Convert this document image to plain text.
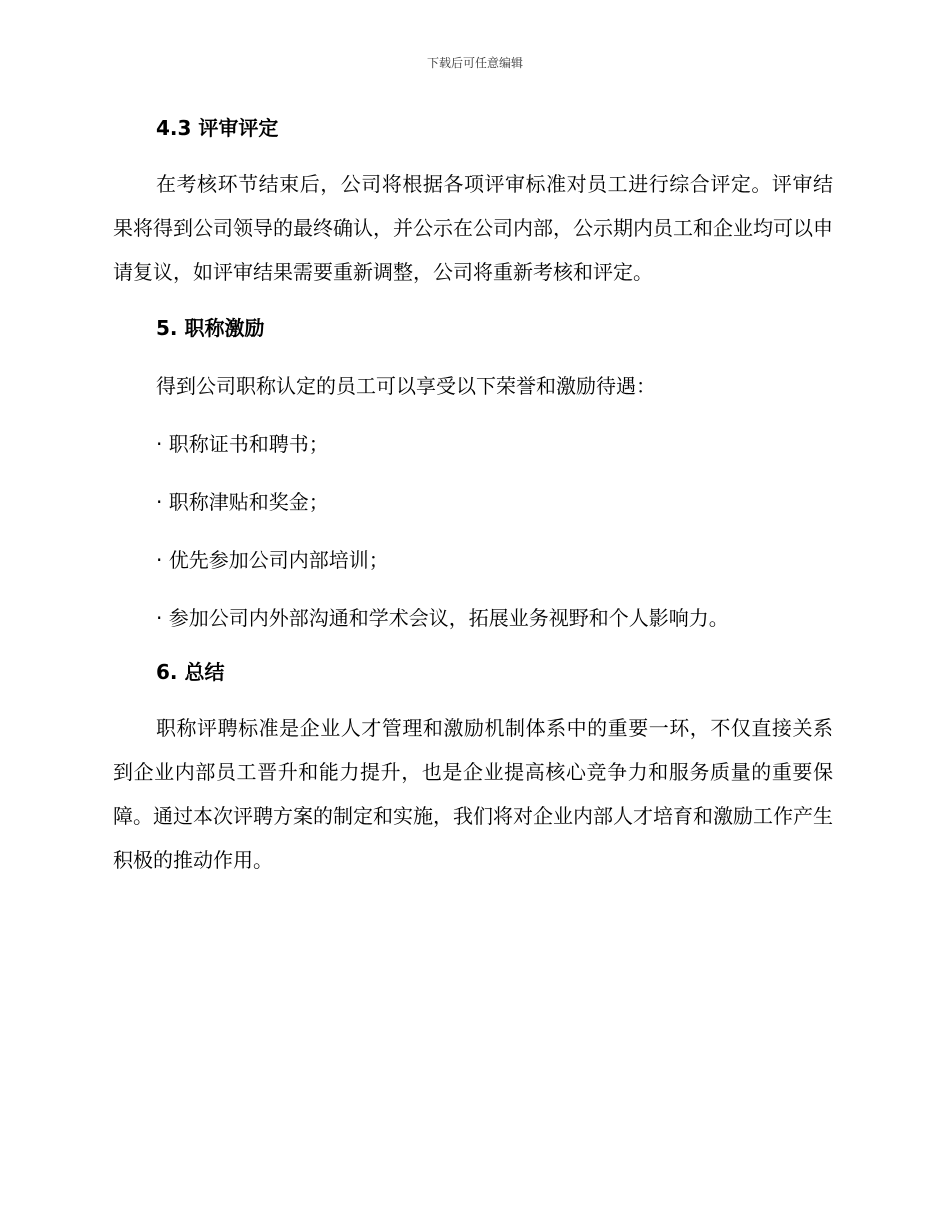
下载后可任意编辑
4.3 评审评定

在考核环节结束后，公司将根据各项评审标准对员工进行综合评定。评审结果将得到公司领导的最终确认，并公示在公司内部，公示期内员工和企业均可以申请复议，如评审结果需要重新调整，公司将重新考核和评定。

5. 职称激励

得到公司职称认定的员工可以享受以下荣誉和激励待遇：

· 职称证书和聘书；

· 职称津贴和奖金；

· 优先参加公司内部培训；

· 参加公司内外部沟通和学术会议，拓展业务视野和个人影响力。

6. 总结

职称评聘标准是企业人才管理和激励机制体系中的重要一环，不仅直接关系到企业内部员工晋升和能力提升，也是企业提高核心竞争力和服务质量的重要保障。通过本次评聘方案的制定和实施，我们将对企业内部人才培育和激励工作产生积极的推动作用。
